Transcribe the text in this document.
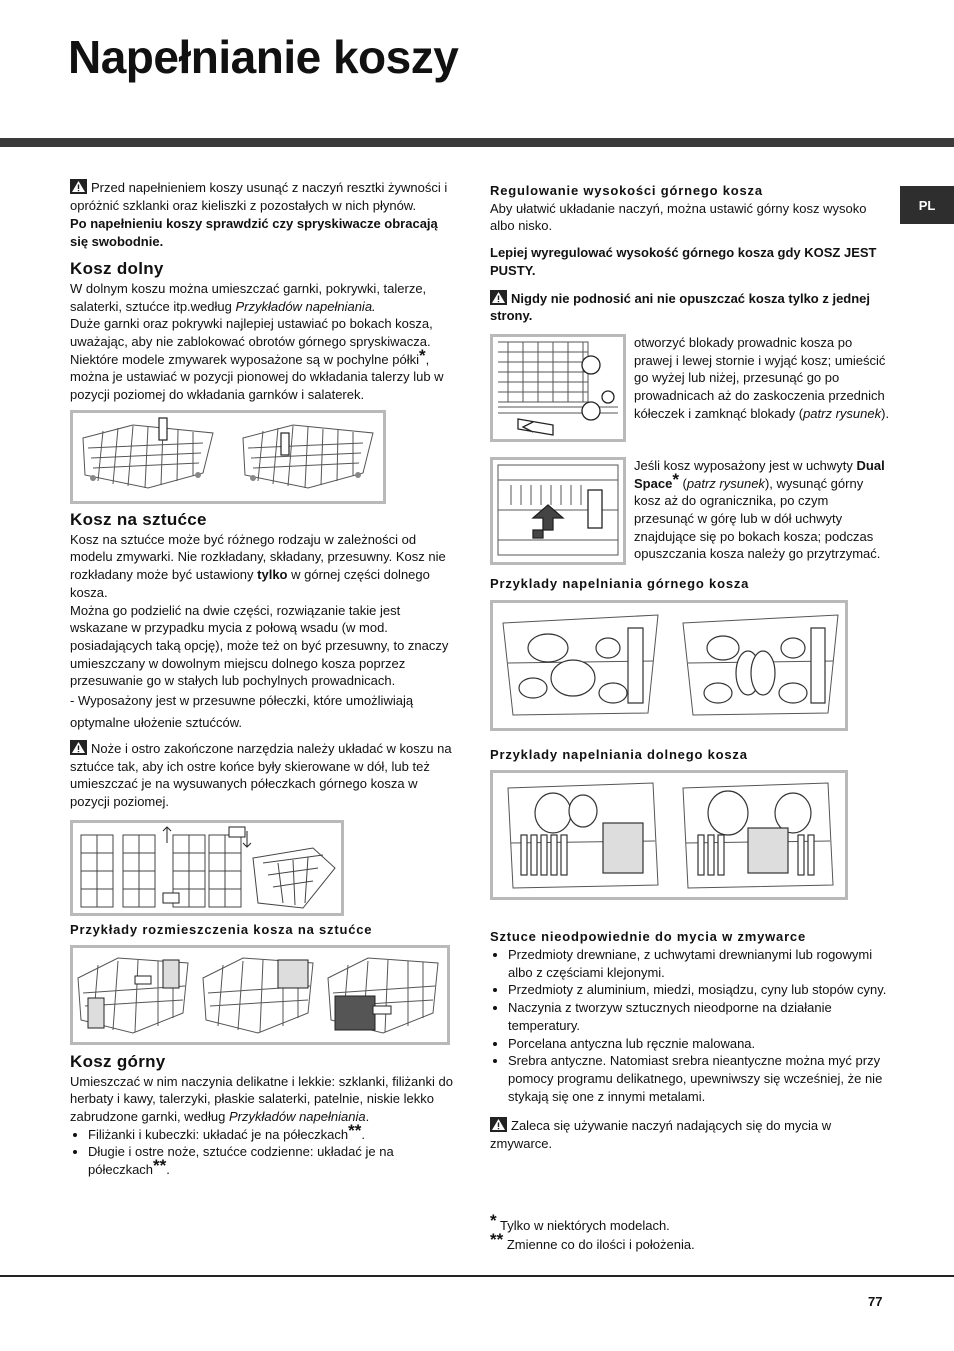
Napełnianie koszy
PL

Przed napełnieniem koszy usunąć z naczyń resztki żywności i opróżnić szklanki oraz kieliszki z pozostałych w nich płynów.

Po napełnieniu koszy sprawdzić czy spryskiwacze obracają się swobodnie.

Kosz dolny

W dolnym koszu można umieszczać garnki, pokrywki, talerze, salaterki, sztućce itp.według Przykładów napełniania.

Duże garnki oraz pokrywki najlepiej ustawiać po bokach kosza, uważając, aby nie zablokować obrotów górnego spryskiwacza.

Niektóre modele zmywarek wyposażone są w pochylne półki*, można je ustawiać w pozycji pionowej do wkładania talerzy lub w pozycji poziomej do wkładania garnków i salaterek.

Kosz na sztućce

Kosz na sztućce może być różnego rodzaju w zależności od modelu zmywarki. Nie rozkładany, składany, przesuwny. Kosz nie rozkładany może być ustawiony tylko w górnej części dolnego kosza.

Można go podzielić na dwie części, rozwiązanie takie jest wskazane w przypadku mycia z połową wsadu (w mod. posiadających taką opcję), może też on być przesuwny, to znaczy umieszczany w dowolnym miejscu dolnego kosza poprzez przesuwanie go w stałych lub pochylnych prowadnicach.

- Wyposażony jest w przesuwne półeczki, które umożliwiają optymalne ułożenie sztućców.

Noże i ostro zakończone narzędzia należy układać w koszu na sztućce tak, aby ich ostre końce były skierowane w dół, lub też umieszczać je na wysuwanych półeczkach górnego kosza w pozycji poziomej.

Przykłady rozmieszczenia kosza na sztućce
Kosz górny

Umieszczać w nim naczynia delikatne i lekkie: szklanki, filiżanki do herbaty i kawy, talerzyki, płaskie salaterki, patelnie, niskie lekko zabrudzone garnki, według Przykładów napełniania.

• Filiżanki i kubeczki: układać je na półeczkach**.
• Długie i ostre noże, sztućce codzienne: układać je na półeczkach**.
Regulowanie wysokości górnego kosza

Aby ułatwić układanie naczyń, można ustawić górny kosz wysoko albo nisko.

Lepiej wyregulować wysokość górnego kosza gdy KOSZ JEST PUSTY.

Nigdy nie podnosić ani nie opuszczać kosza tylko z jednej strony.

otworzyć blokady prowadnic kosza po prawej i lewej stornie i wyjąć kosz; umieścić go wyżej lub niżej, przesunąć go po prowadnicach aż do zaskoczenia przednich kółeczek i zamknąć blokady (patrz rysunek).

Jeśli kosz wyposażony jest w uchwyty Dual Space* (patrz rysunek), wysunąć górny kosz aż do ogranicznika, po czym przesunąć w górę lub w dół uchwyty znajdujące się po bokach kosza; podczas opuszczania kosza należy go przytrzymać.

Przyklady napelniania górnego kosza
Przyklady napelniania dolnego kosza
Sztuce nieodpowiednie do mycia w zmywarce
• Przedmioty drewniane, z uchwytami drewnianymi lub rogowymi albo z częściami klejonymi.
• Przedmioty z aluminium, miedzi, mosiądzu, cyny lub stopów cyny.
• Naczynia z tworzyw sztucznych nieodporne na działanie temperatury.
• Porcelana antyczna lub ręcznie malowana.
• Srebra antyczne. Natomiast srebra nieantyczne można myć przy pomocy programu delikatnego, upewniwszy się wcześniej, że nie stykają się one z innymi metalami.

Zaleca się używanie naczyń nadających się do mycia w zmywarce.

* Tylko w niektórych modelach.
** Zmienne co do ilości i położenia.
77
